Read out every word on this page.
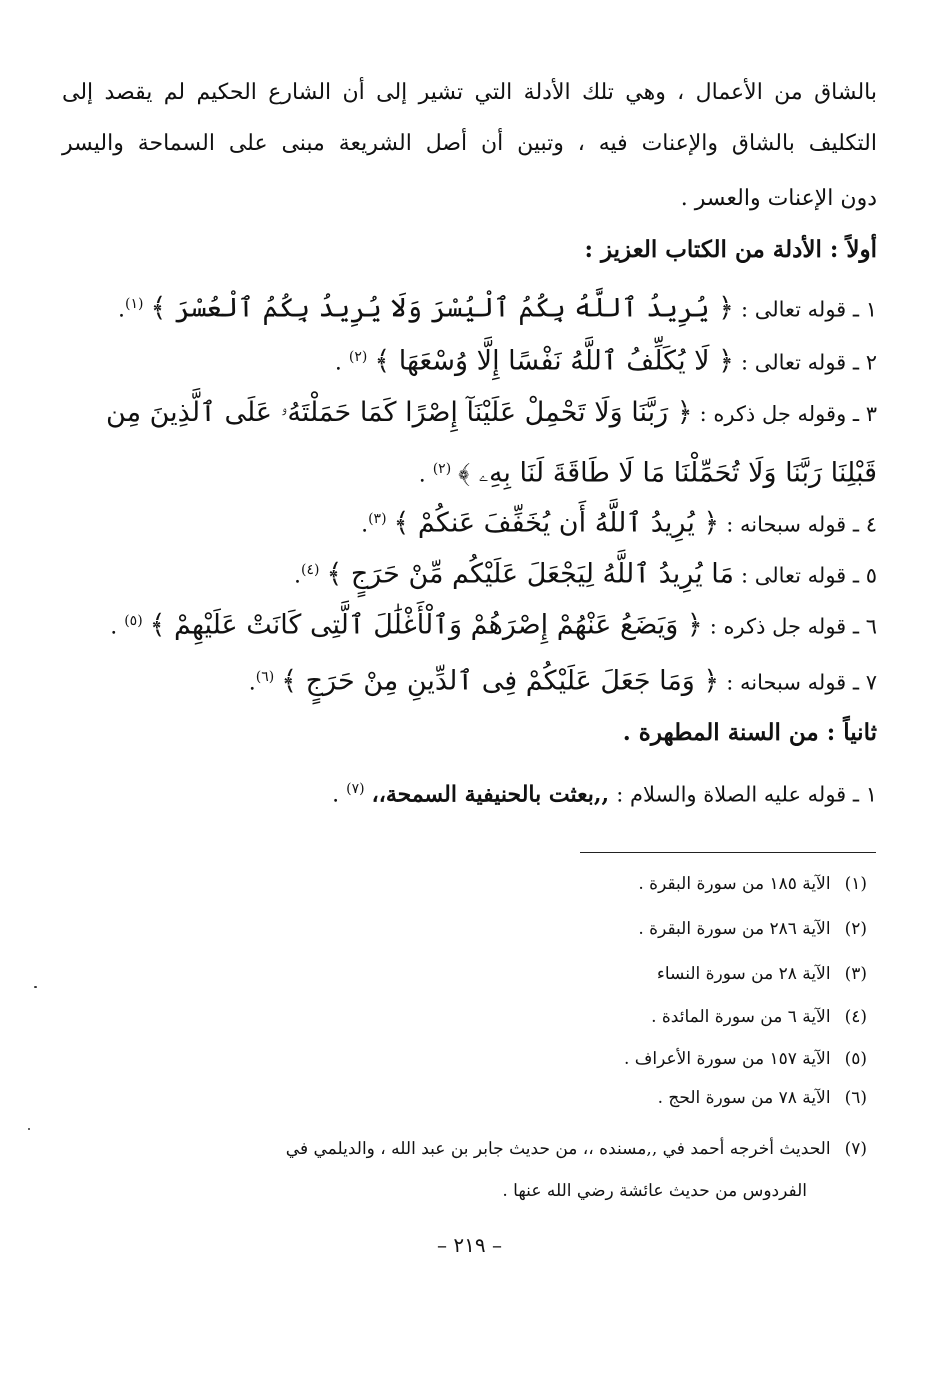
بالشاق من الأعمال ، وهي تلك الأدلة التي تشير إلى أن الشارع الحكيم لم يقصد إلى
التكليف بالشاق والإعنات فيه ، وتبين أن أصل الشريعة مبنى على السماحة واليسر
دون الإعنات والعسر .
أولاً : الأدلة من الكتاب العزيز :
١ ـ قوله تعالى : ﴿ يُرِيدُ ٱللَّهُ بِكُمُ ٱلْيُسْرَ وَلَا يُرِيدُ بِكُمُ ٱلْعُسْرَ ﴾ $^{(١)}$.
٢ ـ قوله تعالى : ﴿ لَا يُكَلِّفُ ٱللَّهُ نَفْسًا إِلَّا وُسْعَهَا ﴾ $^{(٢)}$ .
٣ ـ وقوله جل ذكره : ﴿ رَبَّنَا وَلَا تَحْمِلْ عَلَيْنَآ إِصْرًا كَمَا حَمَلْتَهُۥ عَلَى ٱلَّذِينَ مِن
قَبْلِنَا رَبَّنَا وَلَا تُحَمِّلْنَا مَا لَا طَاقَةَ لَنَا بِهِۦ ﴾ $^{(٢)}$ .
٤ ـ قوله سبحانه : ﴿ يُرِيدُ ٱللَّهُ أَن يُخَفِّفَ عَنكُمْ ﴾ $^{(٣)}$.
٥ ـ قوله تعالى : مَا يُرِيدُ ٱللَّهُ لِيَجْعَلَ عَلَيْكُم مِّنْ حَرَجٍ ﴾ $^{(٤)}$.
٦ ـ قوله جل ذكره : ﴿ وَيَضَعُ عَنْهُمْ إِصْرَهُمْ وَٱلْأَغْلَٰلَ ٱلَّتِى كَانَتْ عَلَيْهِمْ ﴾ $^{(٥)}$ .
٧ ـ قوله سبحانه : ﴿ وَمَا جَعَلَ عَلَيْكُمْ فِى ٱلدِّينِ مِنْ حَرَجٍ ﴾ $^{(٦)}$.
ثانياً : من السنة المطهرة .
١ ـ قوله عليه الصلاة والسلام : ,,بعثت بالحنيفية السمحة،، $^{(٧)}$ .
(١)الآية ١٨٥ من سورة البقرة .
(٢)الآية ٢٨٦ من سورة البقرة .
(٣)الآية ٢٨ من سورة النساء
(٤)الآية ٦ من سورة المائدة .
(٥)الآية ١٥٧ من سورة الأعراف .
(٦)الآية ٧٨ من سورة الحج .
(٧)الحديث أخرجه أحمد في ,,مسنده ،، من حديث جابر بن عبد الله ، والديلمي في
الفردوس من حديث عائشة رضي الله عنها .
– ٢١٩ –
